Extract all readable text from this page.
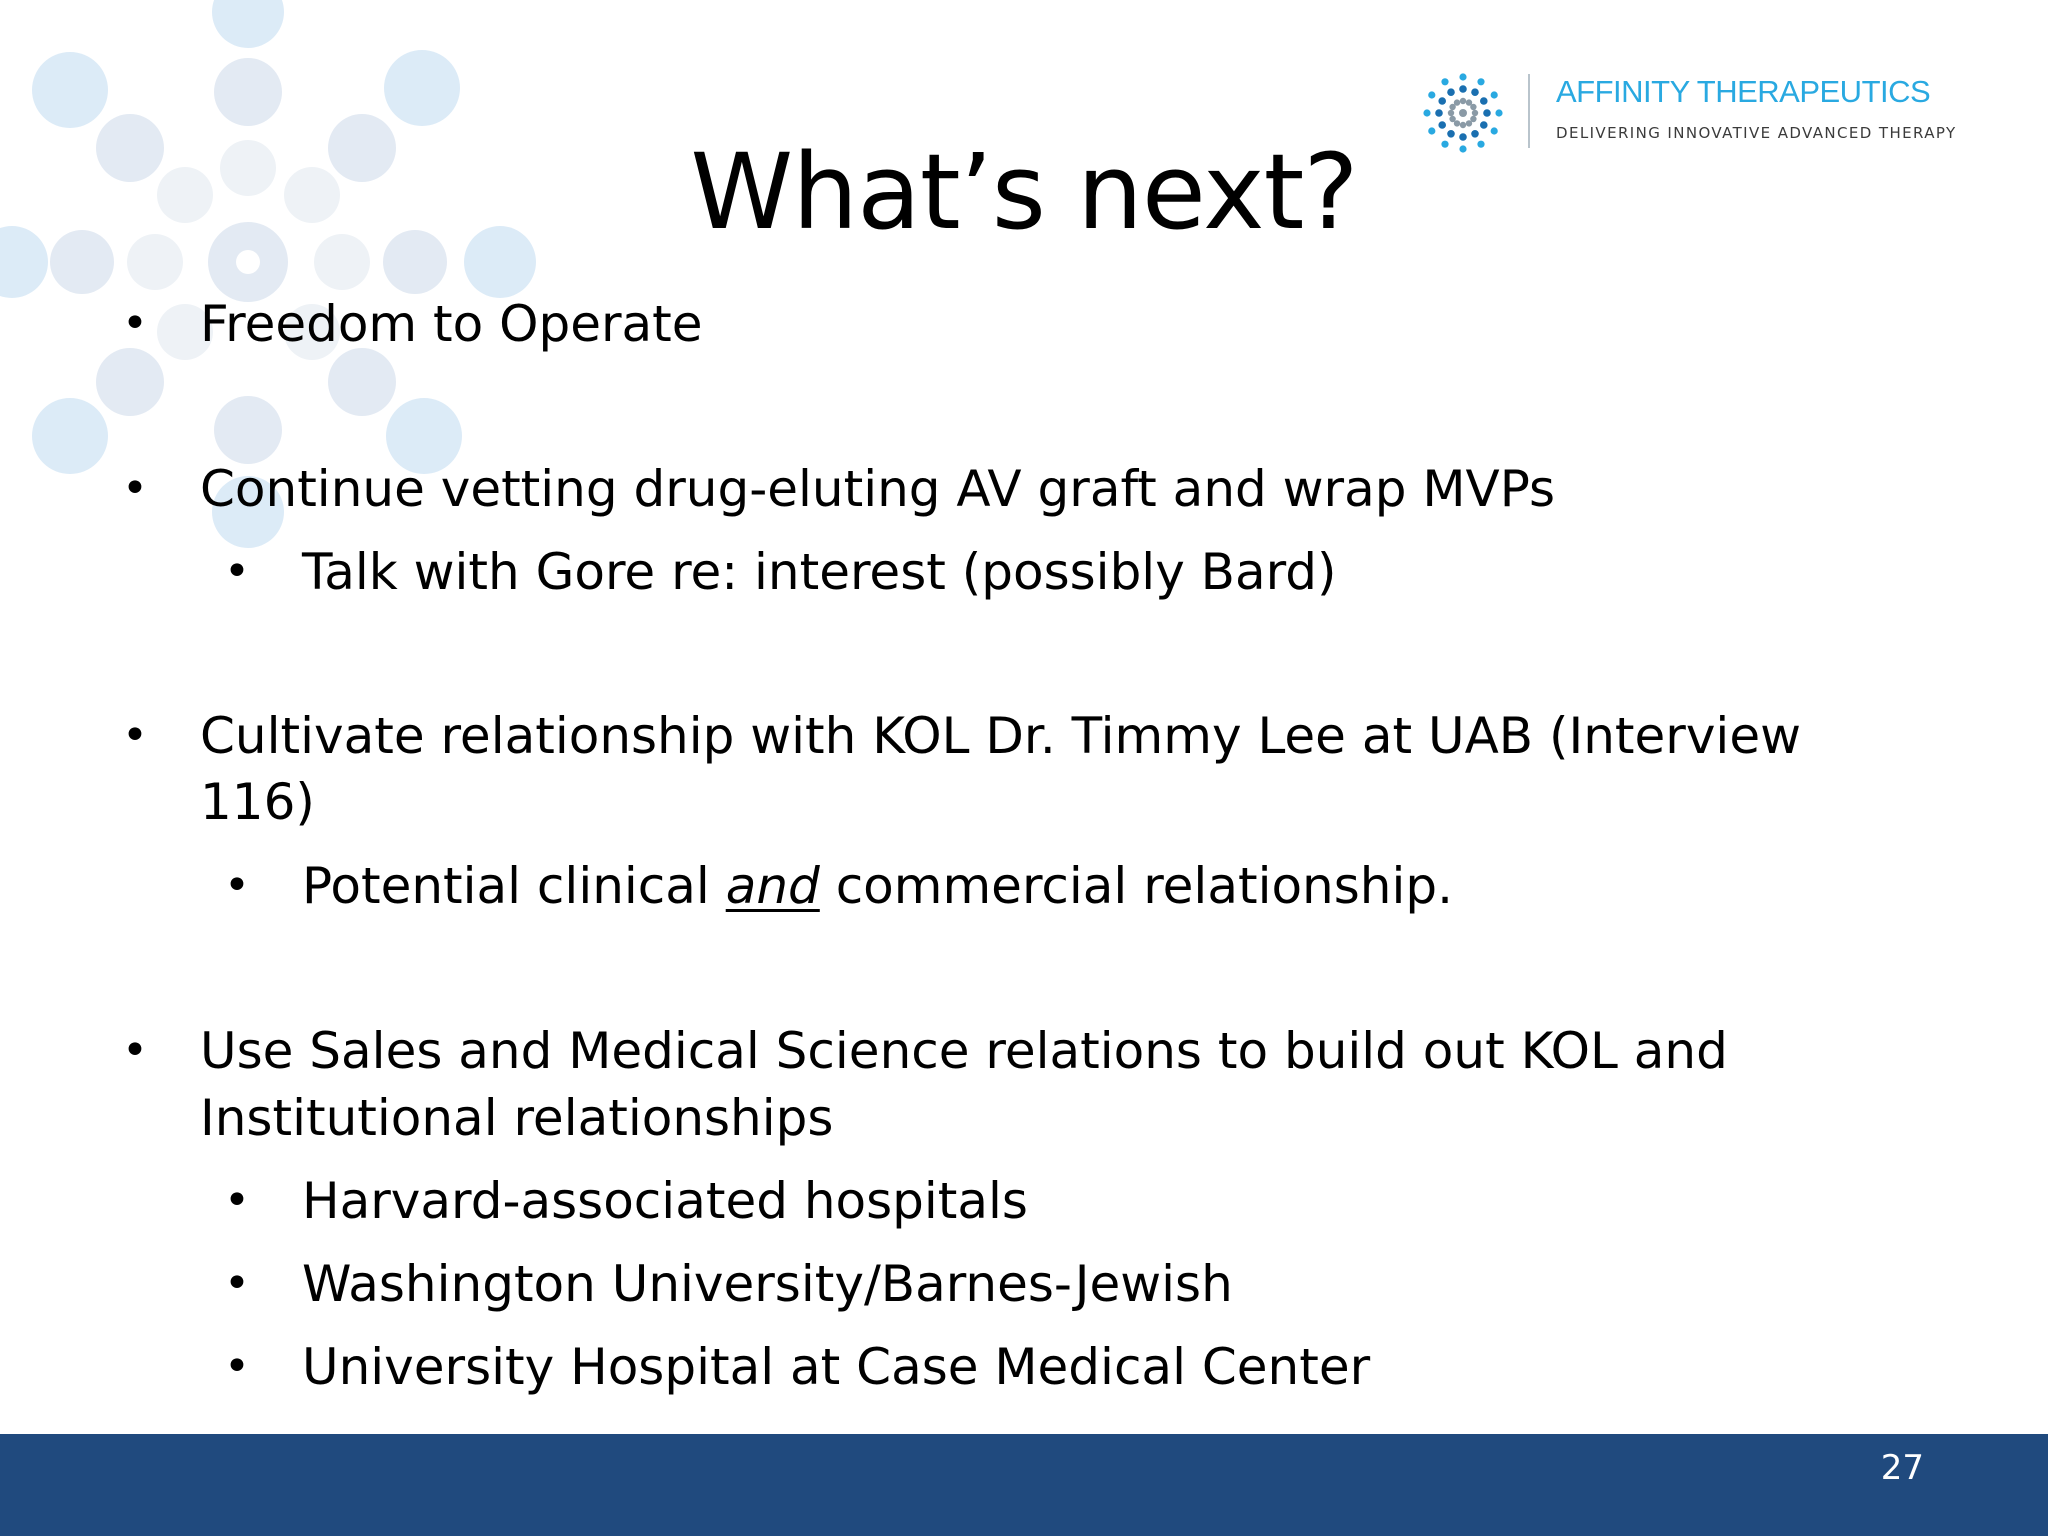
AFFINITY THERAPEUTICS
DELIVERING INNOVATIVE ADVANCED THERAPY
What’s next?
• Freedom to Operate
• Continue vetting drug-eluting AV graft and wrap MVPs
• Talk with Gore re: interest (possibly Bard)
• Cultivate relationship with KOL Dr. Timmy Lee at UAB (Interview
116)
• Potential clinical and commercial relationship.
• Use Sales and Medical Science relations to build out KOL and
Institutional relationships
• Harvard-associated hospitals
• Washington University/Barnes-Jewish
• University Hospital at Case Medical Center
27
